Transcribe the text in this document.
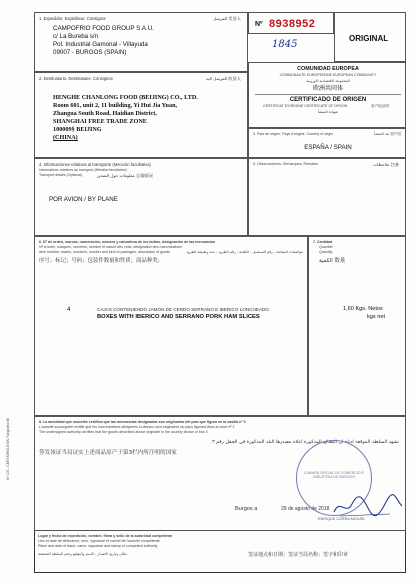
Nº 105 - CERT/ORIG-ES/N Tipografía 88
1. Expedidor, Expéditeur, Consignor	المرسل 发货人
CAMPOFRIO FOOD GROUP S.A.U.
c/ La Bureba s/n
Pol. Industrial Gamonal - Villayuda
09007 - BURGOS (SPAIN)
Nº 8938952
ORIGINAL
1845
2. Destinatario, Destinataire, Consignee	المرسل اليه 收货人
HENGHE CHANLONG FOOD (BEIJING) CO., LTD.
Room 601, unit 2, 11 building, Yi Hui Jia Yuan,
Zhangua South Road, Haidian District,
SHANGHAI FREE TRADE ZONE
100009§ BEIJING
(CHINA)
COMUNIDAD EUROPEA
COMMUNAUTE EUROPEENNE EUROPEAN COMMUNITY
المجموعة الاقتصادية الاوروبية
欧洲共同体
CERTIFICADO DE ORIGEN
CERTIFICAT D'ORIGINE CERTIFICATE OF ORIGIN	原产地证明
شهادة المنشأ
3. País de origen, Pays d'origine, Country of origin	بلد المنشأ 原产国
ESPAÑA / SPAIN
4. Informaciones relativas al transporte (Mención facultativa)
Informations relatives au transport (Mention facultative)
Transport details (Optional)	معلومات حول الشحن 运输情况
POR AVION / BY PLANE
5. Observaciones, Remarques, Remarks	ملاحظات 注备
6. Nº de orden, marcas, numeración, número y naturaleza de los bultos, designación de las mercancías
Nº d'ordre, marques, numéros, nombre et nature des colis, désignation des marchandises
Item number, marks, numbers, number and kind of packages, description of goods	مواصفات البضاعة ، رقم التسلسل ، العلامة ، رقم الطرود ، عدد وطبيعة الطرود
序号；标记；号码；包装件数量和性质；商品种类；
4	CAJAS CONTENIENDO JAMON DE CERDO SERRANO E IBERICO LONCHEADO
BOXES WITH IBERICO AND SERRANO PORK HAM SLICES
7. Cantidad
Quantité
Quantity
الكمية 数量
1,60 Kgs. Netos
kgs net
8. La autoridad que suscribe certifica que las mercancías designadas son originarias del país que figura en la casilla nº 3
L'autorité soussignée certifie que les marchandises désignées ci-dessus sont originaires du pays figurant dans la case nº 3
The undersigned authority certifies that the goods described above originate in the country shown in box 3
تشهد السلطة الموقعة ادناه ان البضائع المذكورة اعلاه مصدرها البلد المذكورة في الحقل رقم ٣
签发该证当局证实上述商品原产于第3栏内所注明的国家
Burgos a	29 de agosto de 2018
CAMARA OFICIAL DE COMERCIO E INDUSTRIA DE BURGOS
ENRIQUE CURRA MIGUEL
Lugar y fecha de expedición, nombre, firma y sello de la autoridad competente
Lieu et date de délivrance, nom, signature et cachet de l'autorité compétente
Place and date of issue, name, signature and stamp of competent authority
مكان وتاريخ الاصدار ، الاسم والتوقيع وختم السلطة المختصة	签证地点和日期；签证当局名称；签字和印章
